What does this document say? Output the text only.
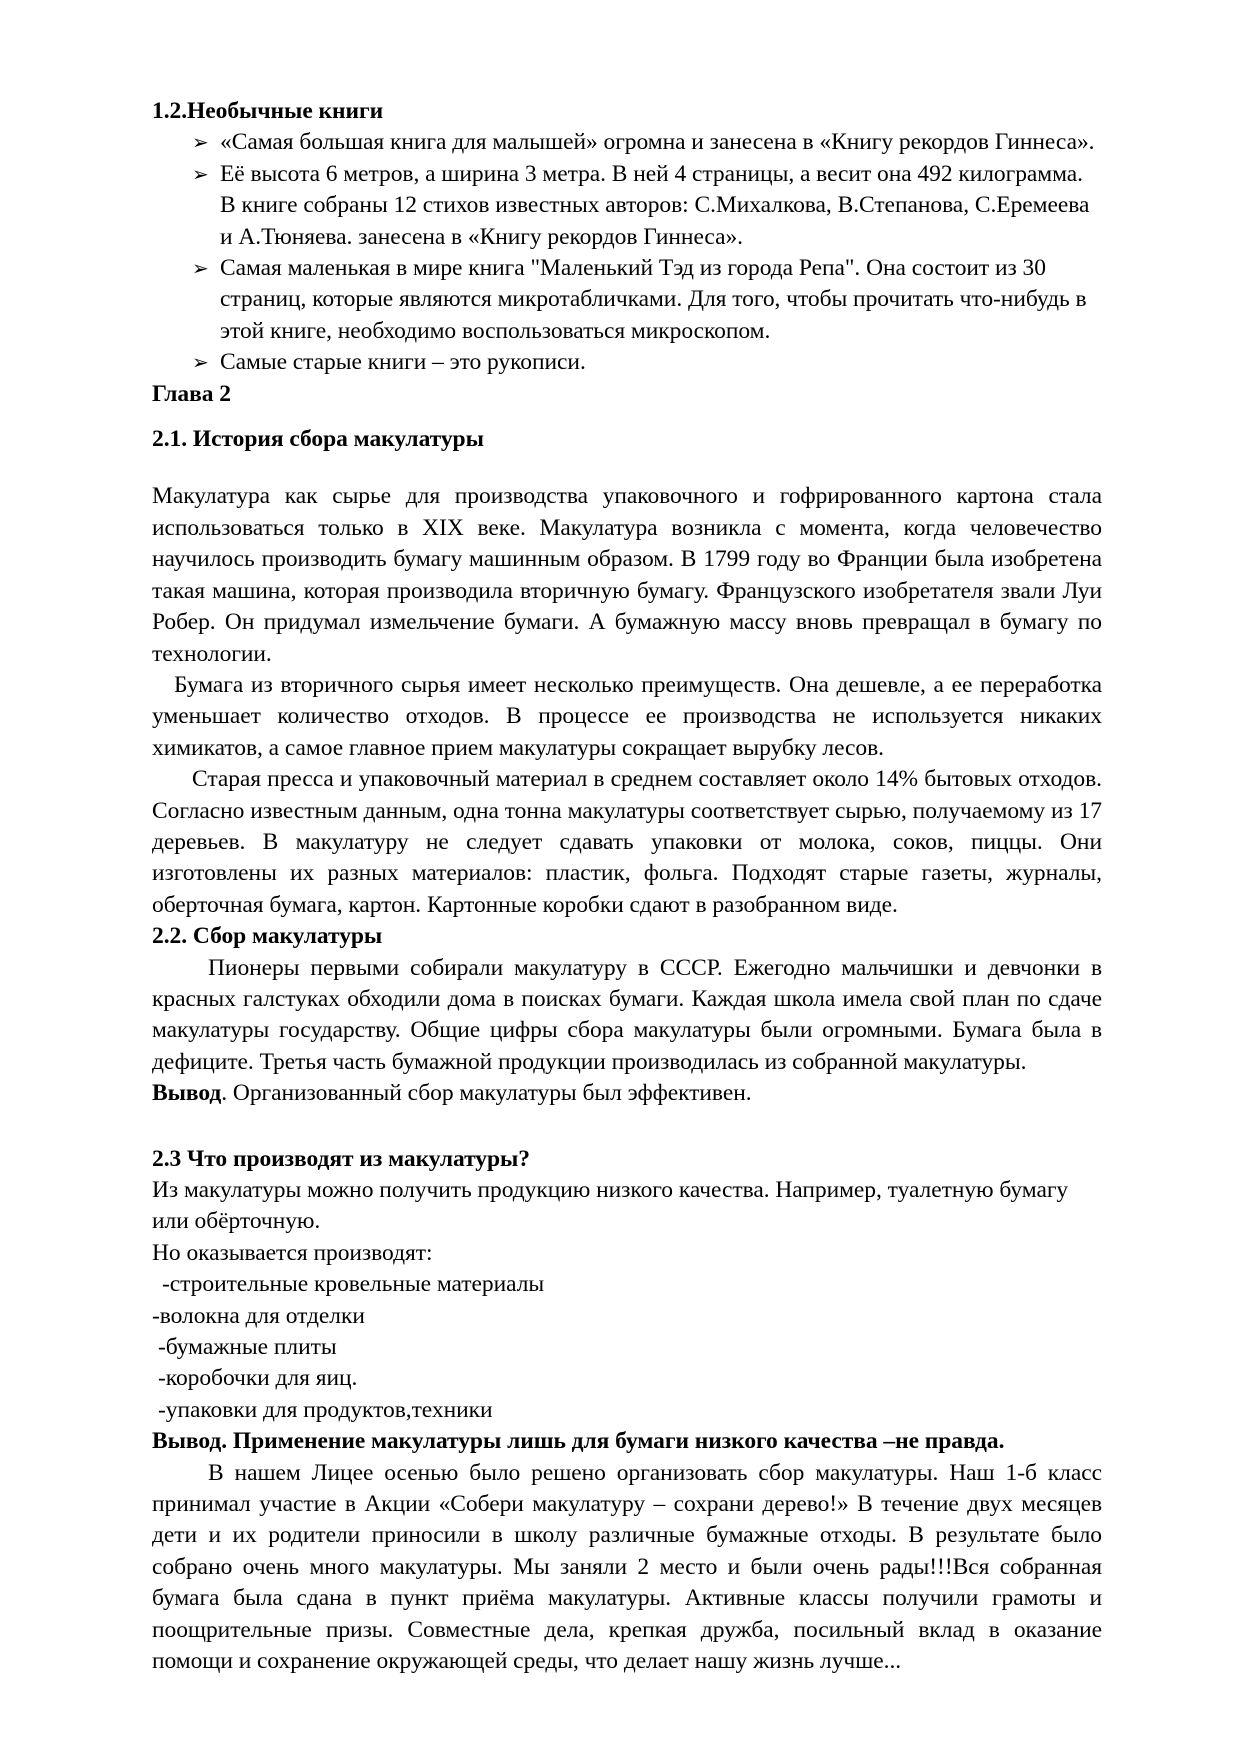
1.2.Необычные книги
➢ «Самая большая книга для малышей» огромна и занесена в «Книгу рекордов Гиннеса».
➢ Её высота 6 метров, а ширина 3 метра. В ней 4 страницы, а весит она 492 килограмма. В книге собраны 12 стихов известных авторов: С.Михалкова, В.Степанова, С.Еремеева и А.Тюняева. занесена в «Книгу рекордов Гиннеса».
➢ Самая маленькая в мире книга "Маленький Тэд из города Репа". Она состоит из 30 страниц, которые являются микротабличками. Для того, чтобы прочитать что-нибудь в этой книге, необходимо воспользоваться микроскопом.
➢ Самые старые книги – это рукописи.
Глава 2
2.1. История сбора макулатуры
Макулатура как сырье для производства упаковочного и гофрированного картона стала использоваться только в XIX веке. Макулатура возникла с момента, когда человечество научилось производить бумагу машинным образом. В 1799 году во Франции была изобретена такая машина, которая производила вторичную бумагу. Французского изобретателя звали Луи Робер. Он придумал измельчение бумаги. А бумажную массу вновь превращал в бумагу по технологии.
Бумага из вторичного сырья имеет несколько преимуществ. Она дешевле, а ее переработка уменьшает количество отходов. В процессе ее производства не используется никаких химикатов, а самое главное прием макулатуры сокращает вырубку лесов.
Старая пресса и упаковочный материал в среднем составляет около 14% бытовых отходов. Согласно известным данным, одна тонна макулатуры соответствует сырью, получаемому из 17 деревьев. В макулатуру не следует сдавать упаковки от молока, соков, пиццы. Они изготовлены их разных материалов: пластик, фольга. Подходят старые газеты, журналы, оберточная бумага, картон. Картонные коробки сдают в разобранном виде.
2.2. Сбор макулатуры
Пионеры первыми собирали макулатуру в СССР. Ежегодно мальчишки и девчонки в красных галстуках обходили дома в поисках бумаги. Каждая школа имела свой план по сдаче макулатуры государству. Общие цифры сбора макулатуры были огромными. Бумага была в дефиците. Третья часть бумажной продукции производилась из собранной макулатуры.
Вывод. Организованный сбор макулатуры был эффективен.
2.3 Что производят из макулатуры?
Из макулатуры можно получить продукцию низкого качества. Например, туалетную бумагу или обёрточную.
Но оказывается производят:
-строительные кровельные материалы
-волокна для отделки
-бумажные плиты
-коробочки для яиц.
-упаковки для продуктов,техники
Вывод. Применение макулатуры лишь для бумаги низкого качества –не правда.
В нашем Лицее осенью было решено организовать сбор макулатуры. Наш 1-б класс принимал участие в Акции «Собери макулатуру – сохрани дерево!» В течение двух месяцев дети и их родители приносили в школу различные бумажные отходы. В результате было собрано очень много макулатуры. Мы заняли 2 место и были очень рады!!!Вся собранная бумага была сдана в пункт приёма макулатуры. Активные классы получили грамоты и поощрительные призы. Совместные дела, крепкая дружба, посильный вклад в оказание помощи и сохранение окружающей среды, что делает нашу жизнь лучше...
